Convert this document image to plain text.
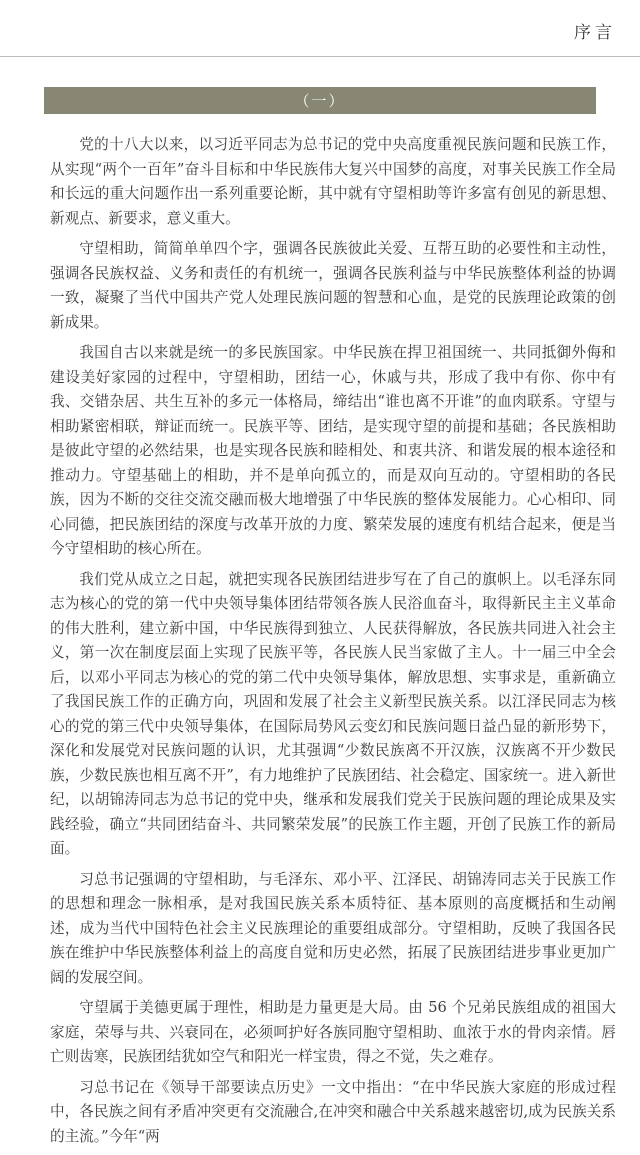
序言
（一）

党的十八大以来，以习近平同志为总书记的党中央高度重视民族问题和民族工作，从实现“两个一百年”奋斗目标和中华民族伟大复兴中国梦的高度，对事关民族工作全局和长远的重大问题作出一系列重要论断，其中就有守望相助等许多富有创见的新思想、新观点、新要求，意义重大。

守望相助，简简单单四个字，强调各民族彼此关爱、互帮互助的必要性和主动性，强调各民族权益、义务和责任的有机统一，强调各民族利益与中华民族整体利益的协调一致，凝聚了当代中国共产党人处理民族问题的智慧和心血，是党的民族理论政策的创新成果。

我国自古以来就是统一的多民族国家。中华民族在捍卫祖国统一、共同抵御外侮和建设美好家园的过程中，守望相助，团结一心，休戚与共，形成了我中有你、你中有我、交错杂居、共生互补的多元一体格局，缔结出“谁也离不开谁”的血肉联系。守望与相助紧密相联，辩证而统一。民族平等、团结，是实现守望的前提和基础；各民族相助是彼此守望的必然结果，也是实现各民族和睦相处、和衷共济、和谐发展的根本途径和推动力。守望基础上的相助，并不是单向孤立的，而是双向互动的。守望相助的各民族，因为不断的交往交流交融而极大地增强了中华民族的整体发展能力。心心相印、同心同德，把民族团结的深度与改革开放的力度、繁荣发展的速度有机结合起来，便是当今守望相助的核心所在。

我们党从成立之日起，就把实现各民族团结进步写在了自己的旗帜上。以毛泽东同志为核心的党的第一代中央领导集体团结带领各族人民浴血奋斗，取得新民主主义革命的伟大胜利，建立新中国，中华民族得到独立、人民获得解放，各民族共同进入社会主义，第一次在制度层面上实现了民族平等，各民族人民当家做了主人。十一届三中全会后，以邓小平同志为核心的党的第二代中央领导集体，解放思想、实事求是，重新确立了我国民族工作的正确方向，巩固和发展了社会主义新型民族关系。以江泽民同志为核心的党的第三代中央领导集体，在国际局势风云变幻和民族问题日益凸显的新形势下，深化和发展党对民族问题的认识，尤其强调“少数民族离不开汉族，汉族离不开少数民族，少数民族也相互离不开”，有力地维护了民族团结、社会稳定、国家统一。进入新世纪，以胡锦涛同志为总书记的党中央，继承和发展我们党关于民族问题的理论成果及实践经验，确立“共同团结奋斗、共同繁荣发展”的民族工作主题，开创了民族工作的新局面。

习总书记强调的守望相助，与毛泽东、邓小平、江泽民、胡锦涛同志关于民族工作的思想和理念一脉相承，是对我国民族关系本质特征、基本原则的高度概括和生动阐述，成为当代中国特色社会主义民族理论的重要组成部分。守望相助，反映了我国各民族在维护中华民族整体利益上的高度自觉和历史必然，拓展了民族团结进步事业更加广阔的发展空间。

守望属于美德更属于理性，相助是力量更是大局。由 56 个兄弟民族组成的祖国大家庭，荣辱与共、兴衰同在，必须呵护好各族同胞守望相助、血浓于水的骨肉亲情。唇亡则齿寒，民族团结犹如空气和阳光一样宝贵，得之不觉，失之难存。

习总书记在《领导干部要读点历史》一文中指出：“在中华民族大家庭的形成过程中，各民族之间有矛盾冲突更有交流融合,在冲突和融合中关系越来越密切,成为民族关系的主流。”今年“两
